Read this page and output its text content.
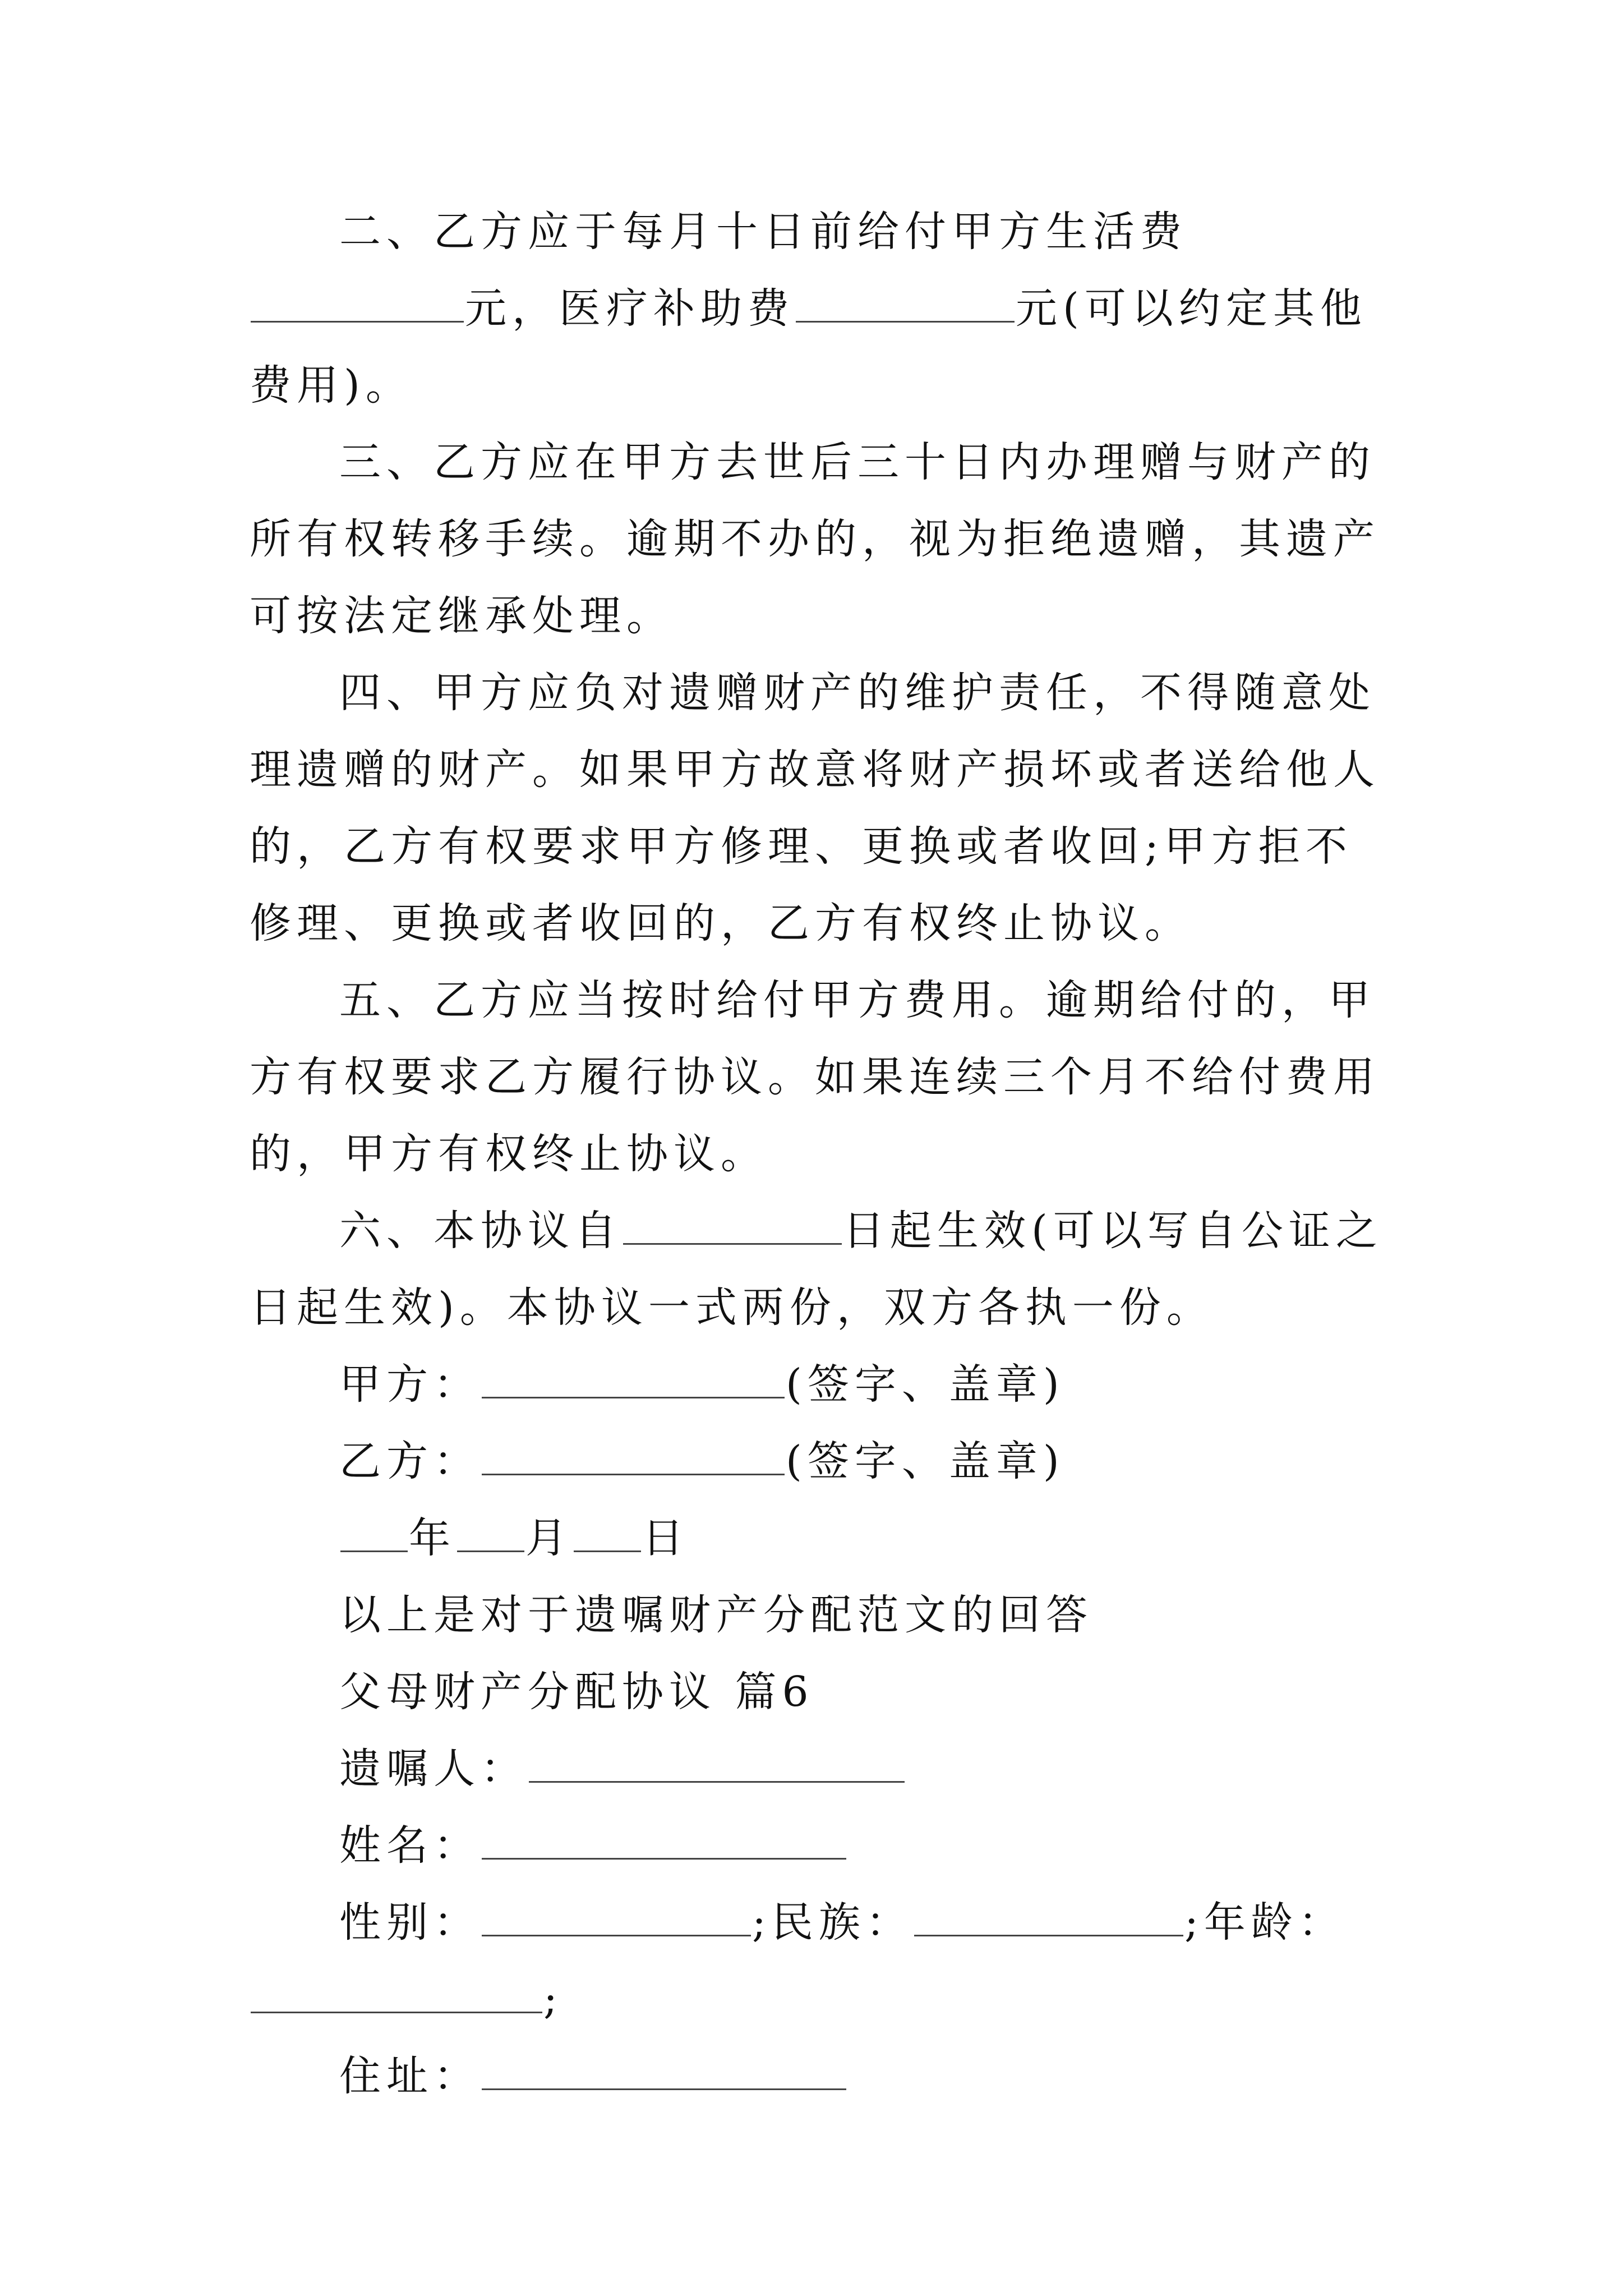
二、乙方应于每月十日前给付甲方生活费元，医疗补助费	元(可以约定其他费用)。

三、乙方应在甲方去世后三十日内办理赠与财产的所有权转移手续。逾期不办的，视为拒绝遗赠，其遗产可按法定继承处理。

四、甲方应负对遗赠财产的维护责任，不得随意处理遗赠的财产。如果甲方故意将财产损坏或者送给他人的，乙方有权要求甲方修理、更换或者收回;甲方拒不修理、更换或者收回的，乙方有权终止协议。

五、乙方应当按时给付甲方费用。逾期给付的，甲方有权要求乙方履行协议。如果连续三个月不给付费用的，甲方有权终止协议。

六、本协议自	日起生效(可以写自公证之日起生效)。本协议一式两份，双方各执一份。

甲方：	(签字、盖章)

乙方：	(签字、盖章)

年 月 日

以上是对于遗嘱财产分配范文的回答

父母财产分配协议 篇6

遗嘱人：

姓名：

性别：	;民族：	;年龄：

;

住址：
